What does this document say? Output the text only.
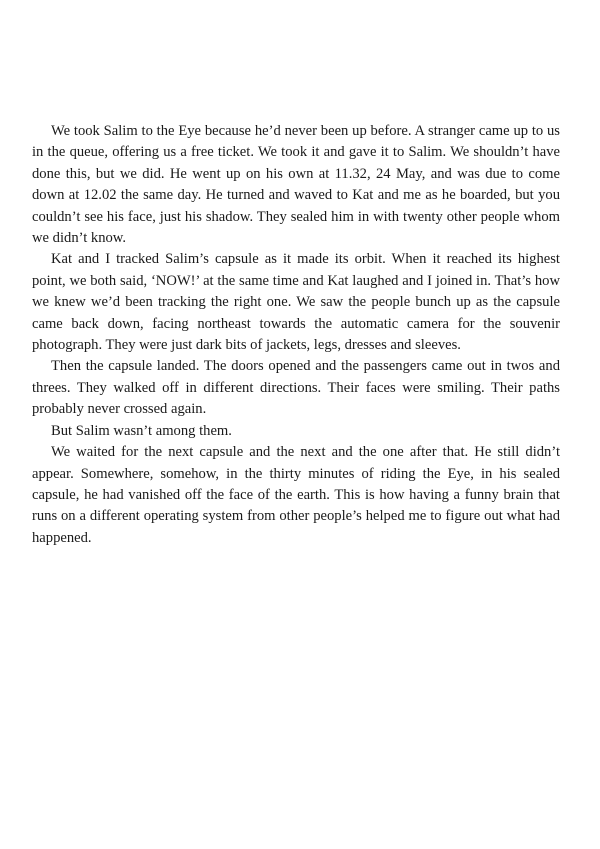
We took Salim to the Eye because he’d never been up before. A stranger came up to us in the queue, offering us a free ticket. We took it and gave it to Salim. We shouldn’t have done this, but we did. He went up on his own at 11.32, 24 May, and was due to come down at 12.02 the same day. He turned and waved to Kat and me as he boarded, but you couldn’t see his face, just his shadow. They sealed him in with twenty other people whom we didn’t know.

Kat and I tracked Salim’s capsule as it made its orbit. When it reached its highest point, we both said, ‘NOW!’ at the same time and Kat laughed and I joined in. That’s how we knew we’d been tracking the right one. We saw the people bunch up as the capsule came back down, facing northeast towards the automatic camera for the souvenir photograph. They were just dark bits of jackets, legs, dresses and sleeves.

Then the capsule landed. The doors opened and the passengers came out in twos and threes. They walked off in different directions. Their faces were smiling. Their paths probably never crossed again.

But Salim wasn’t among them.

We waited for the next capsule and the next and the one after that. He still didn’t appear. Somewhere, somehow, in the thirty minutes of riding the Eye, in his sealed capsule, he had vanished off the face of the earth. This is how having a funny brain that runs on a different operating system from other people’s helped me to figure out what had happened.
